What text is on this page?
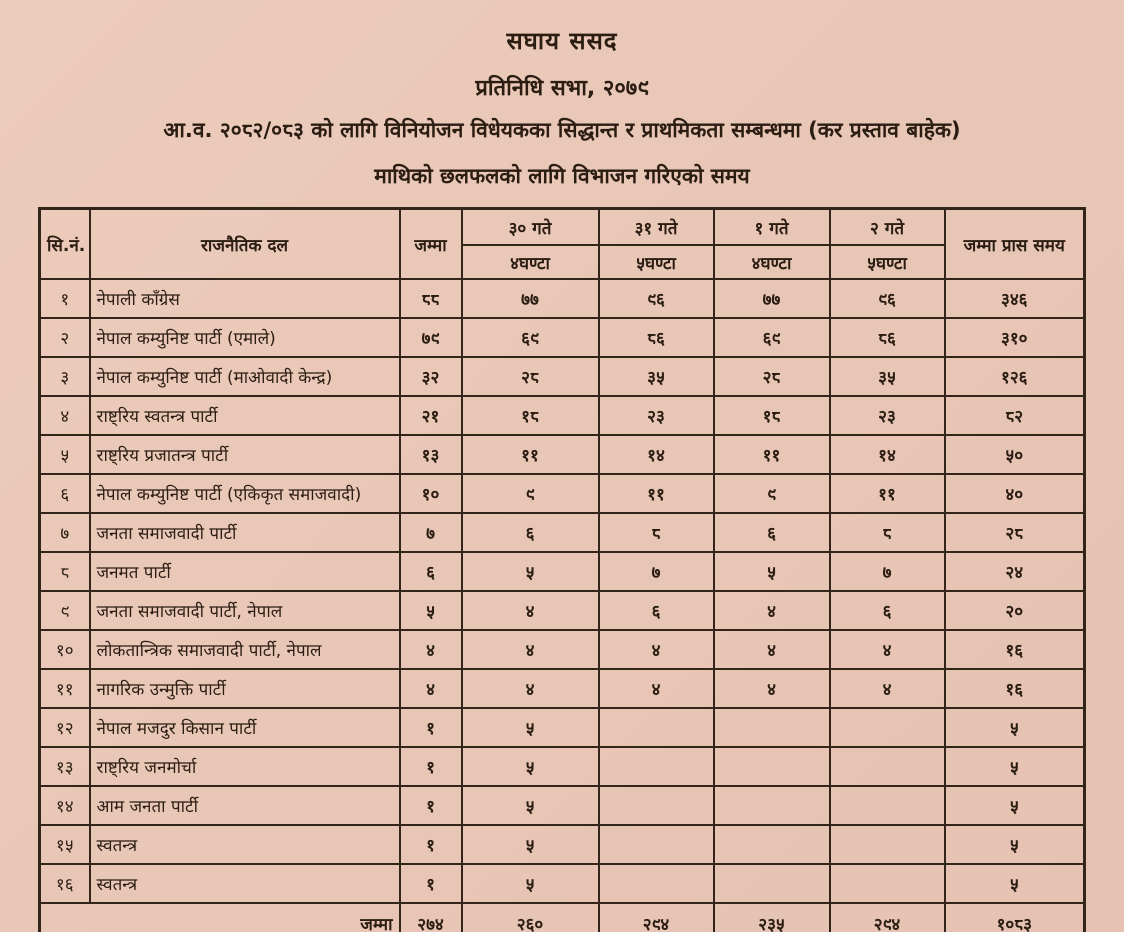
सघाय ससद
प्रतिनिधि सभा, २०७९
आ.व. २०८२/०८३ को लागि विनियोजन विधेयकका सिद्धान्त र प्राथमिकता सम्बन्धमा (कर प्रस्ताव बाहेक)
माथिको छलफलको लागि विभाजन गरिएको समय
सि.नं.	राजनैतिक दल	जम्मा	३० गते	३१ गते	१ गते	२ गते	जम्मा प्रास समय
			४घण्टा	५घण्टा	४घण्टा	५घण्टा	
१	नेपाली काँग्रेस	८८	७७	९६	७७	९६	३४६
२	नेपाल कम्युनिष्ट पार्टी (एमाले)	७९	६९	८६	६९	८६	३१०
३	नेपाल कम्युनिष्ट पार्टी (माओवादी केन्द्र)	३२	२८	३५	२८	३५	१२६
४	राष्ट्रिय स्वतन्त्र पार्टी	२१	१८	२३	१८	२३	८२
५	राष्ट्रिय प्रजातन्त्र पार्टी	१३	११	१४	११	१४	५०
६	नेपाल कम्युनिष्ट पार्टी (एकिकृत समाजवादी)	१०	९	११	९	११	४०
७	जनता समाजवादी पार्टी	७	६	८	६	८	२८
८	जनमत पार्टी	६	५	७	५	७	२४
९	जनता समाजवादी पार्टी, नेपाल	५	४	६	४	६	२०
१०	लोकतान्त्रिक समाजवादी पार्टी, नेपाल	४	४	४	४	४	१६
११	नागरिक उन्मुक्ति पार्टी	४	४	४	४	४	१६
१२	नेपाल मजदुर किसान पार्टी	१	५				५
१३	राष्ट्रिय जनमोर्चा	१	५				५
१४	आम जनता पार्टी	१	५				५
१५	स्वतन्त्र	१	५				५
१६	स्वतन्त्र	१	५				५
जम्मा		२७४	२६०	२९४	२३५	२९४	१०८३
